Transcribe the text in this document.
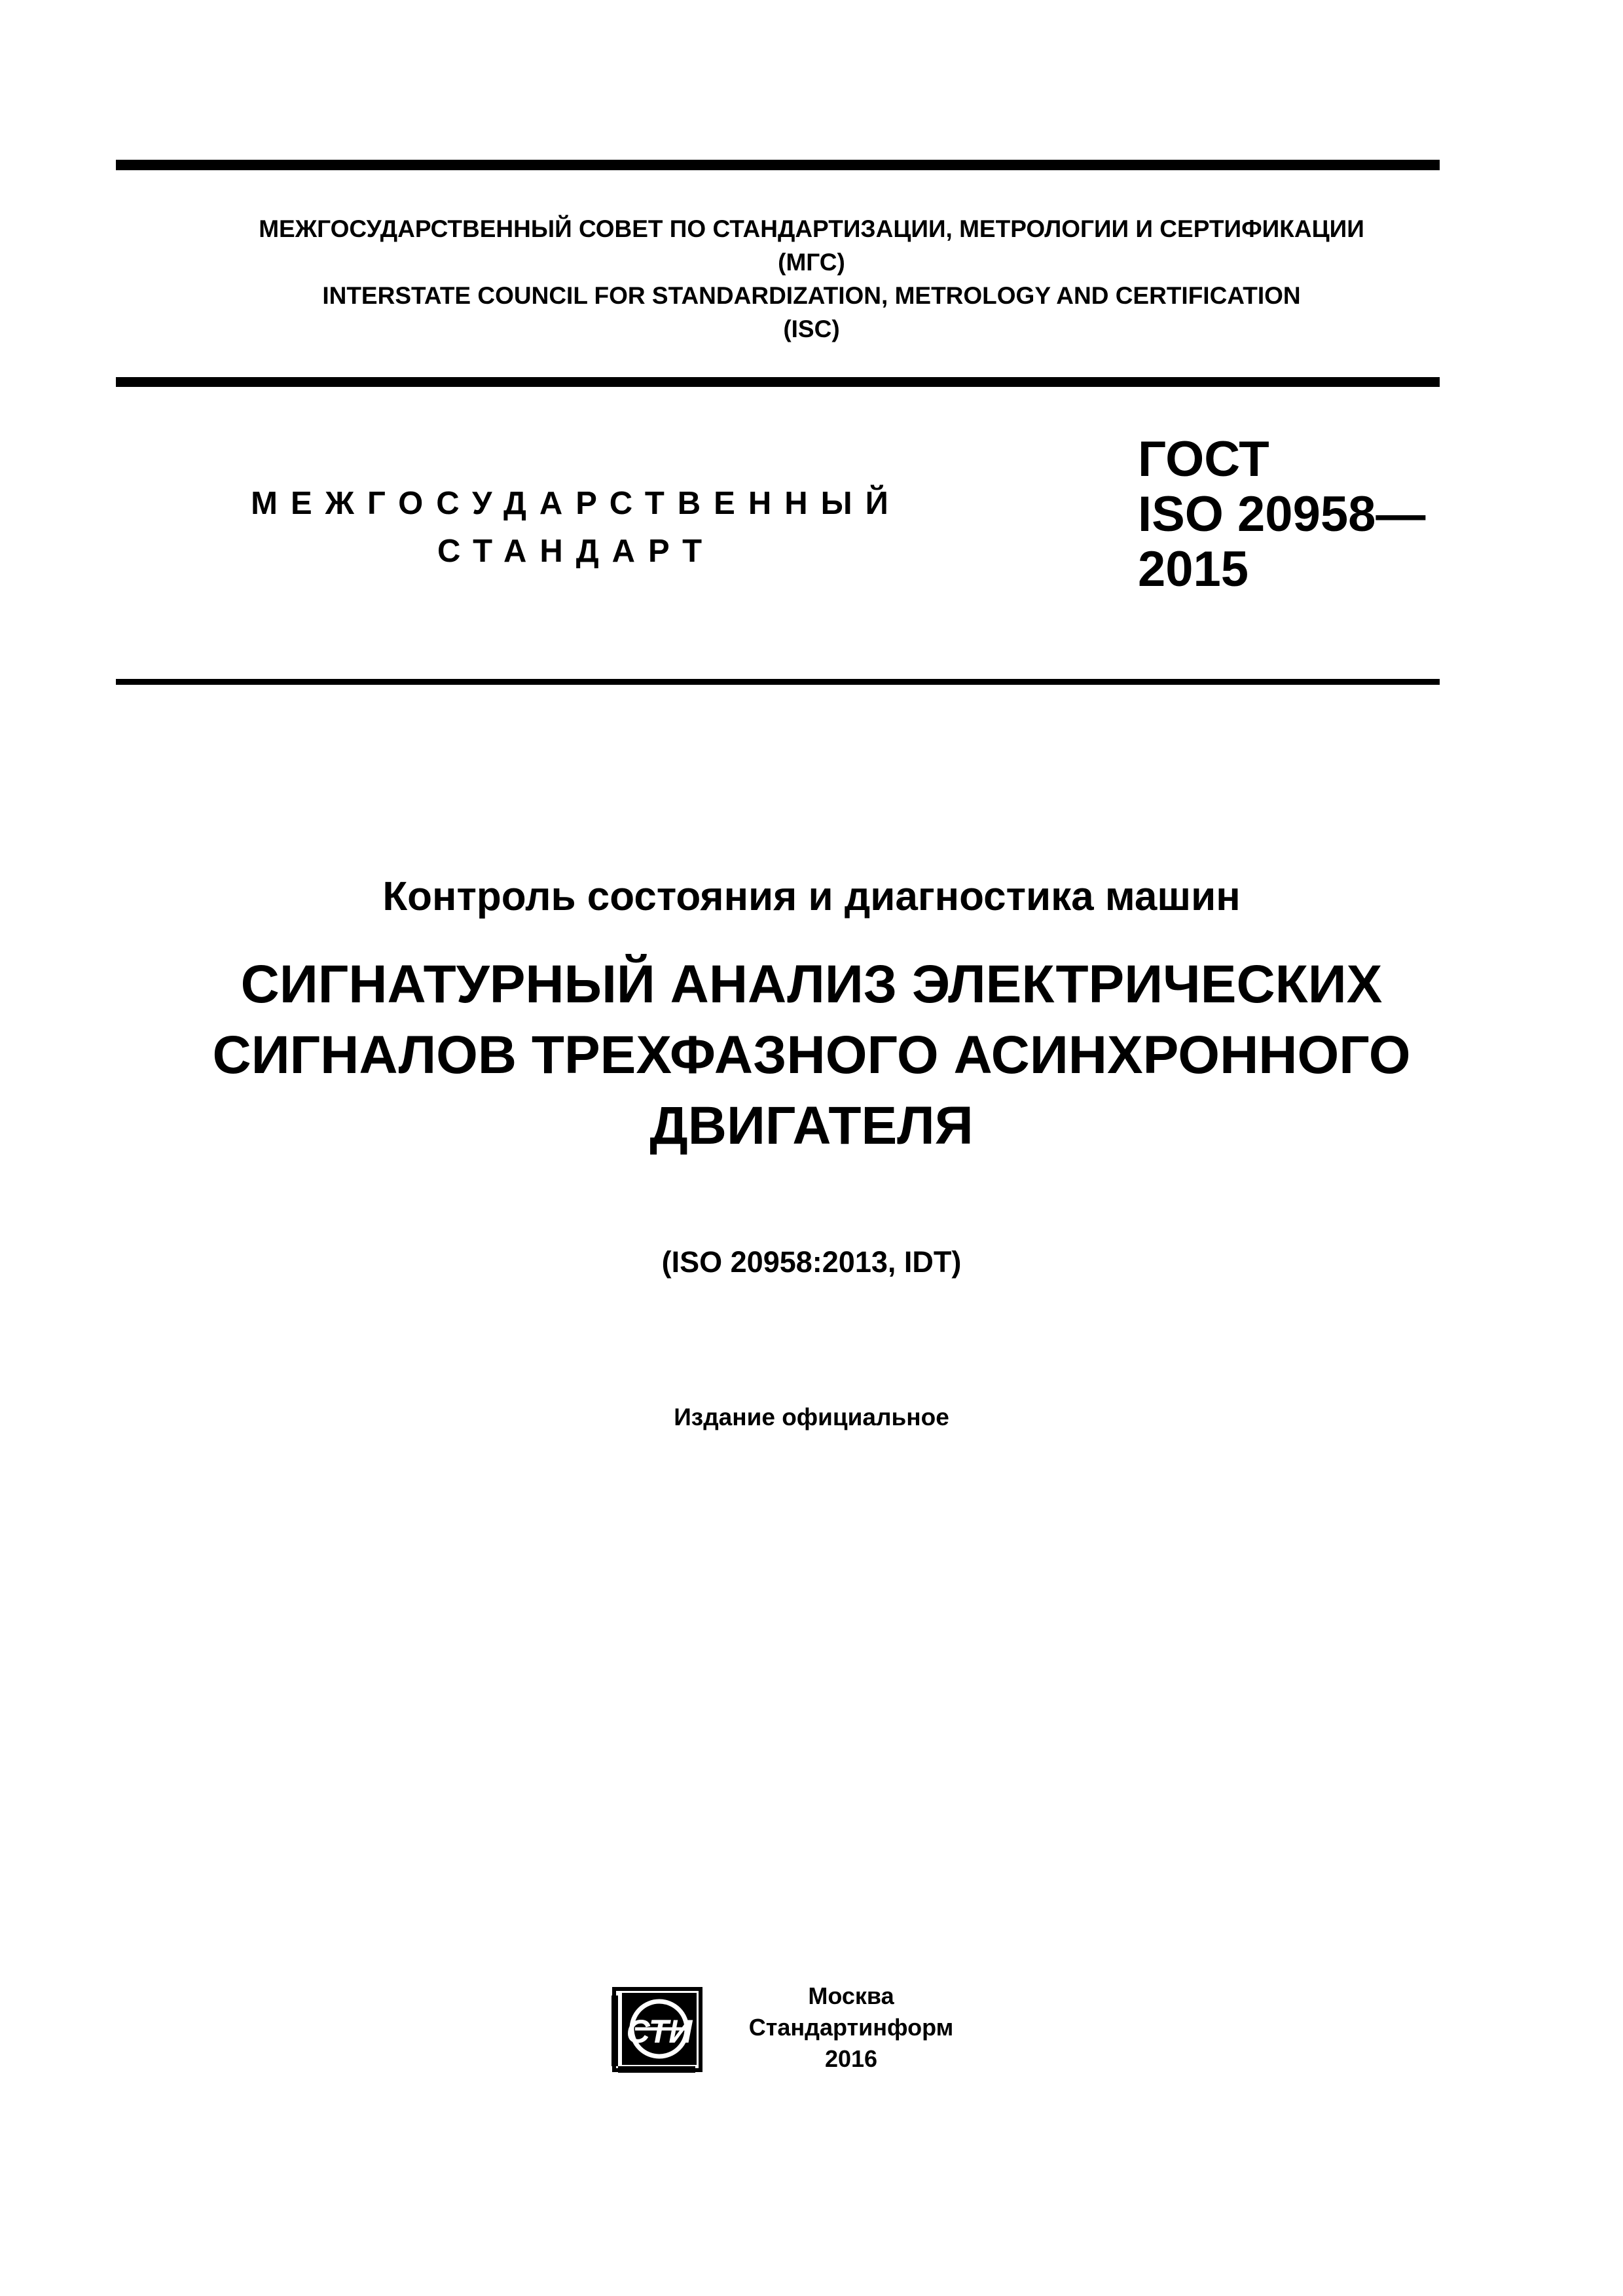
МЕЖГОСУДАРСТВЕННЫЙ СОВЕТ ПО СТАНДАРТИЗАЦИИ, МЕТРОЛОГИИ И СЕРТИФИКАЦИИ
(МГС)
INTERSTATE COUNCIL FOR STANDARDIZATION, METROLOGY AND CERTIFICATION
(ISC)
МЕЖГОСУДАРСТВЕННЫЙ
СТАНДАРТ
ГОСТ
ISO 20958—
2015
Контроль состояния и диагностика машин
СИГНАТУРНЫЙ АНАЛИЗ ЭЛЕКТРИЧЕСКИХ
СИГНАЛОВ ТРЕХФАЗНОГО АСИНХРОННОГО
ДВИГАТЕЛЯ
(ISO 20958:2013, IDT)
Издание официальное
СТИ
Москва
Стандартинформ
2016
